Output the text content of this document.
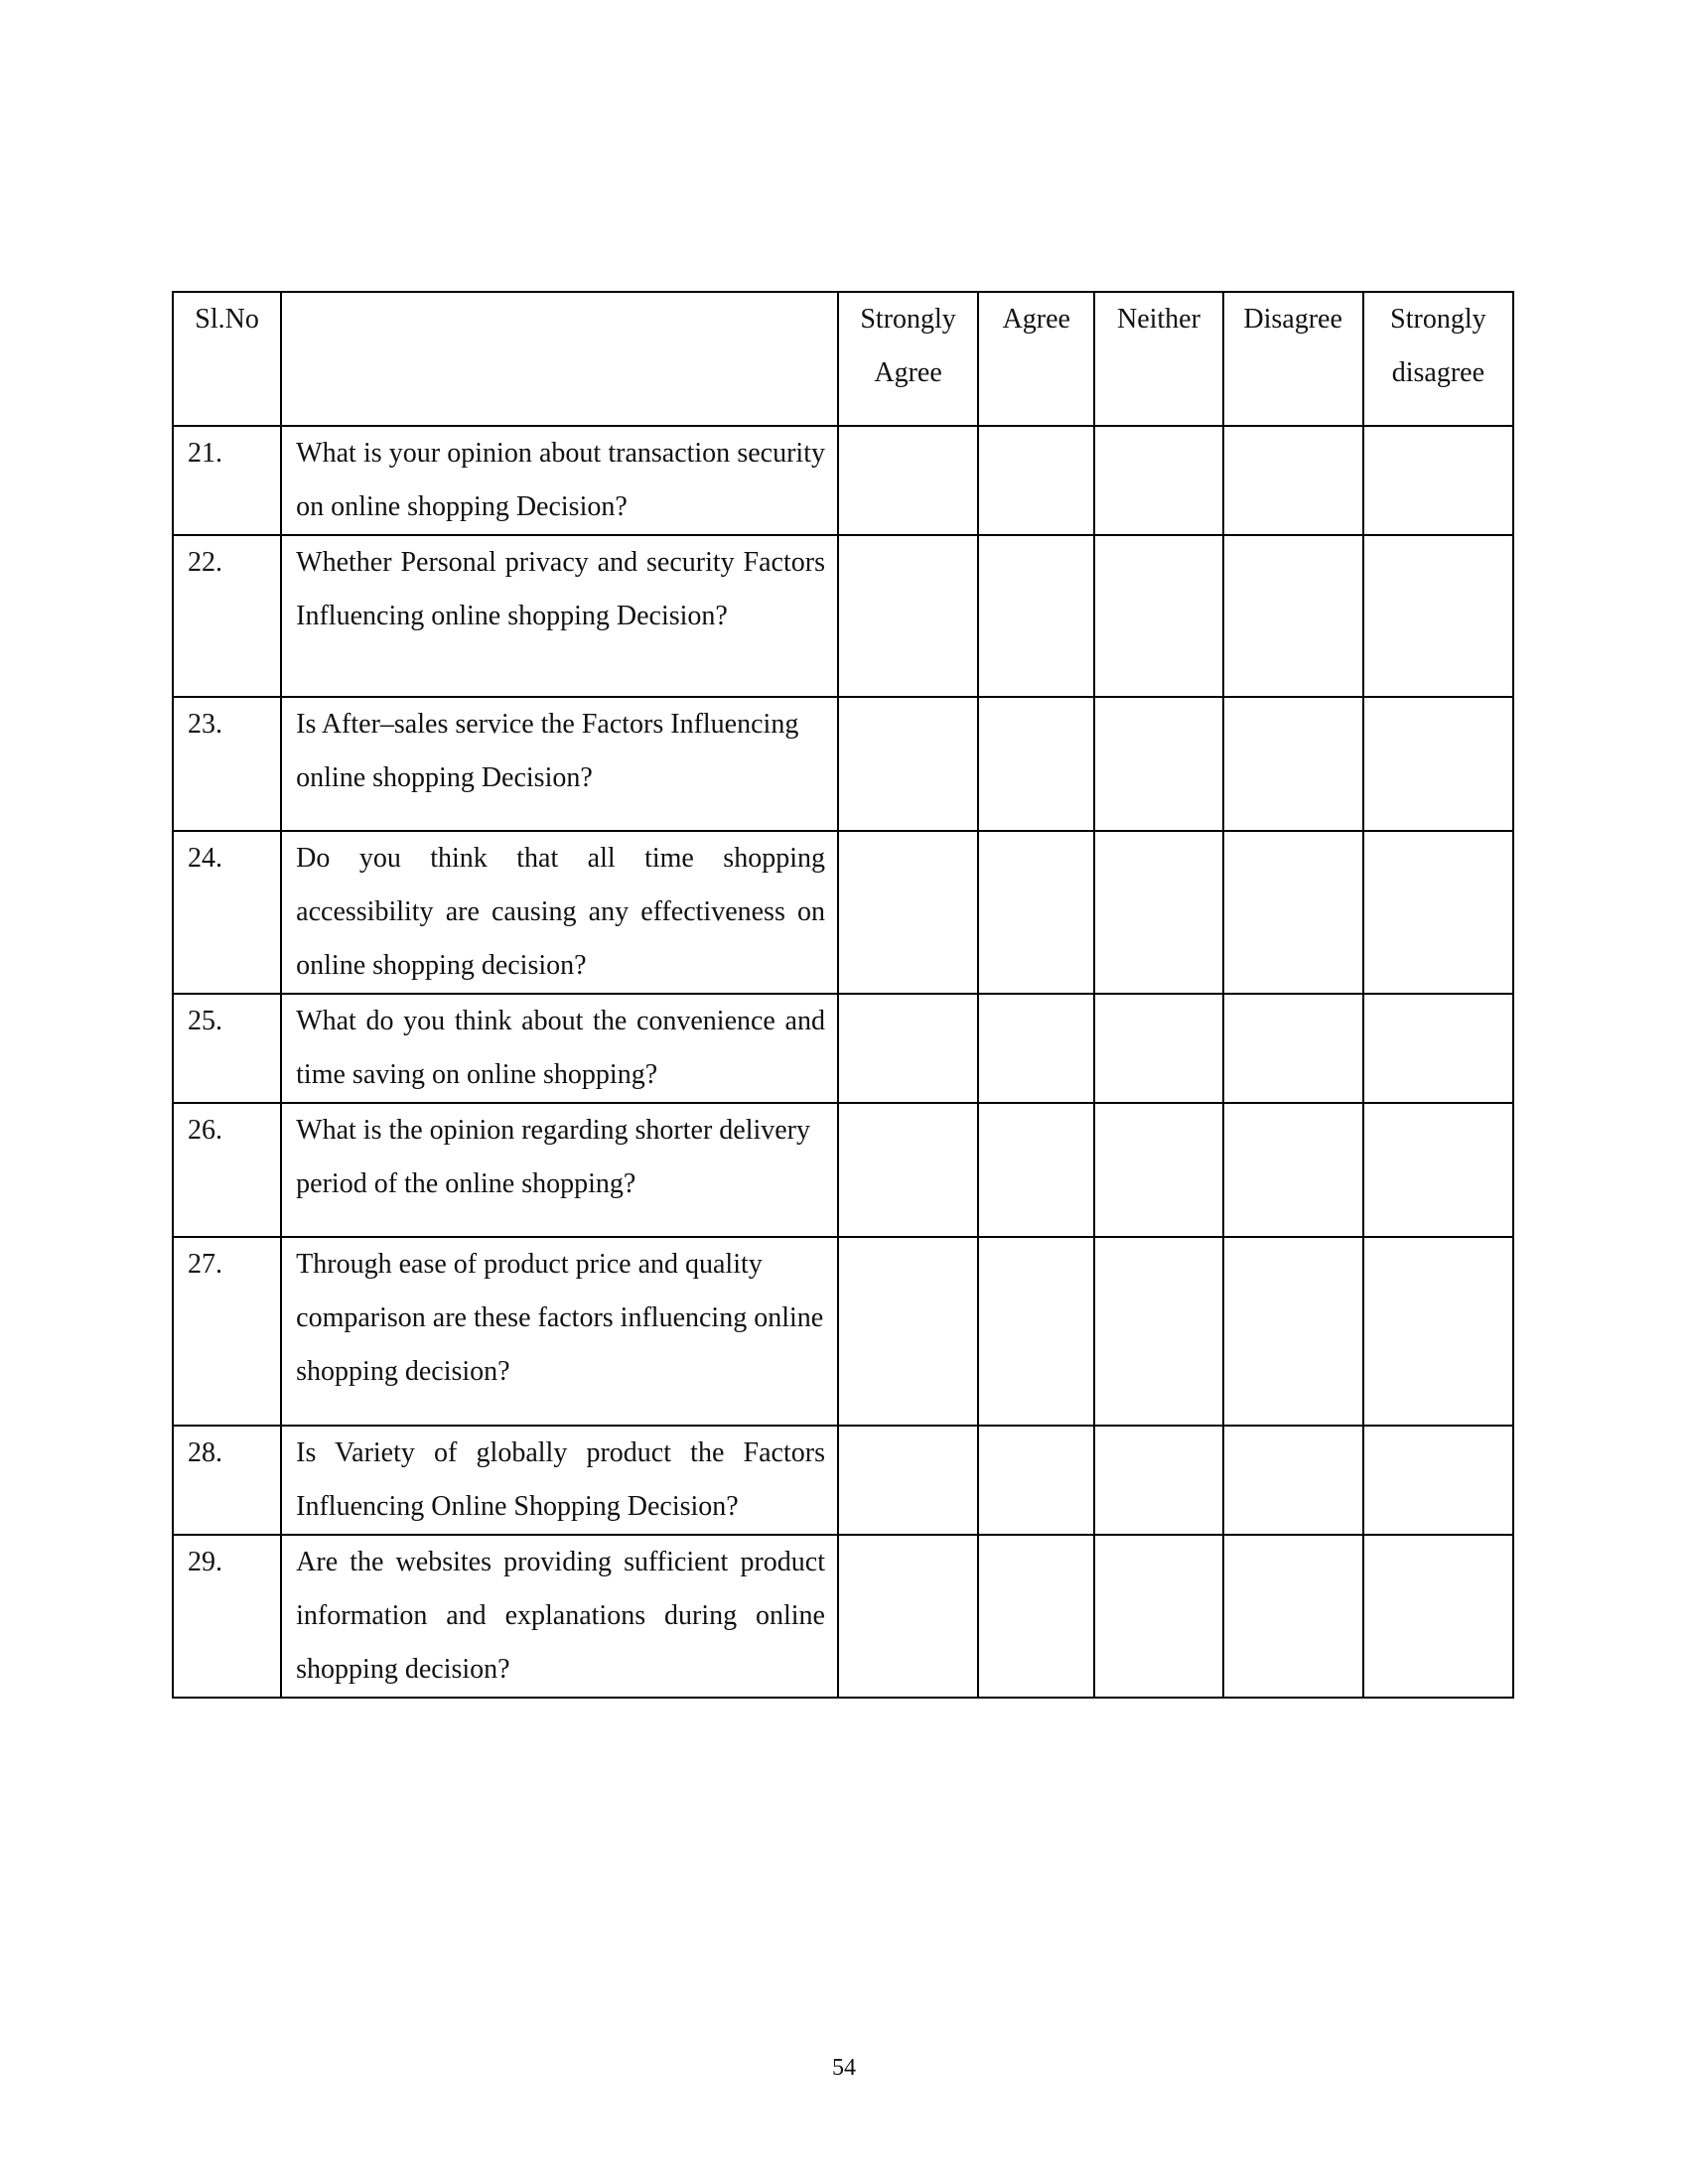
Sl.No		Strongly Agree	Agree	Neither	Disagree	Strongly disagree
21.	What is your opinion about transaction security on online shopping Decision?					
22.	Whether Personal privacy and security Factors Influencing online shopping Decision?					
23.	Is After–sales service the Factors Influencing online shopping Decision?					
24.	Do you think that all time shopping accessibility are causing any effectiveness on online shopping decision?					
25.	What do you think about the convenience and time saving on online shopping?					
26.	What is the opinion regarding shorter delivery period of the online shopping?					
27.	Through ease of product price and quality comparison are these factors influencing online shopping decision?					
28.	Is Variety of globally product the Factors Influencing Online Shopping Decision?					
29.	Are the websites providing sufficient product information and explanations during online shopping decision?					
54
